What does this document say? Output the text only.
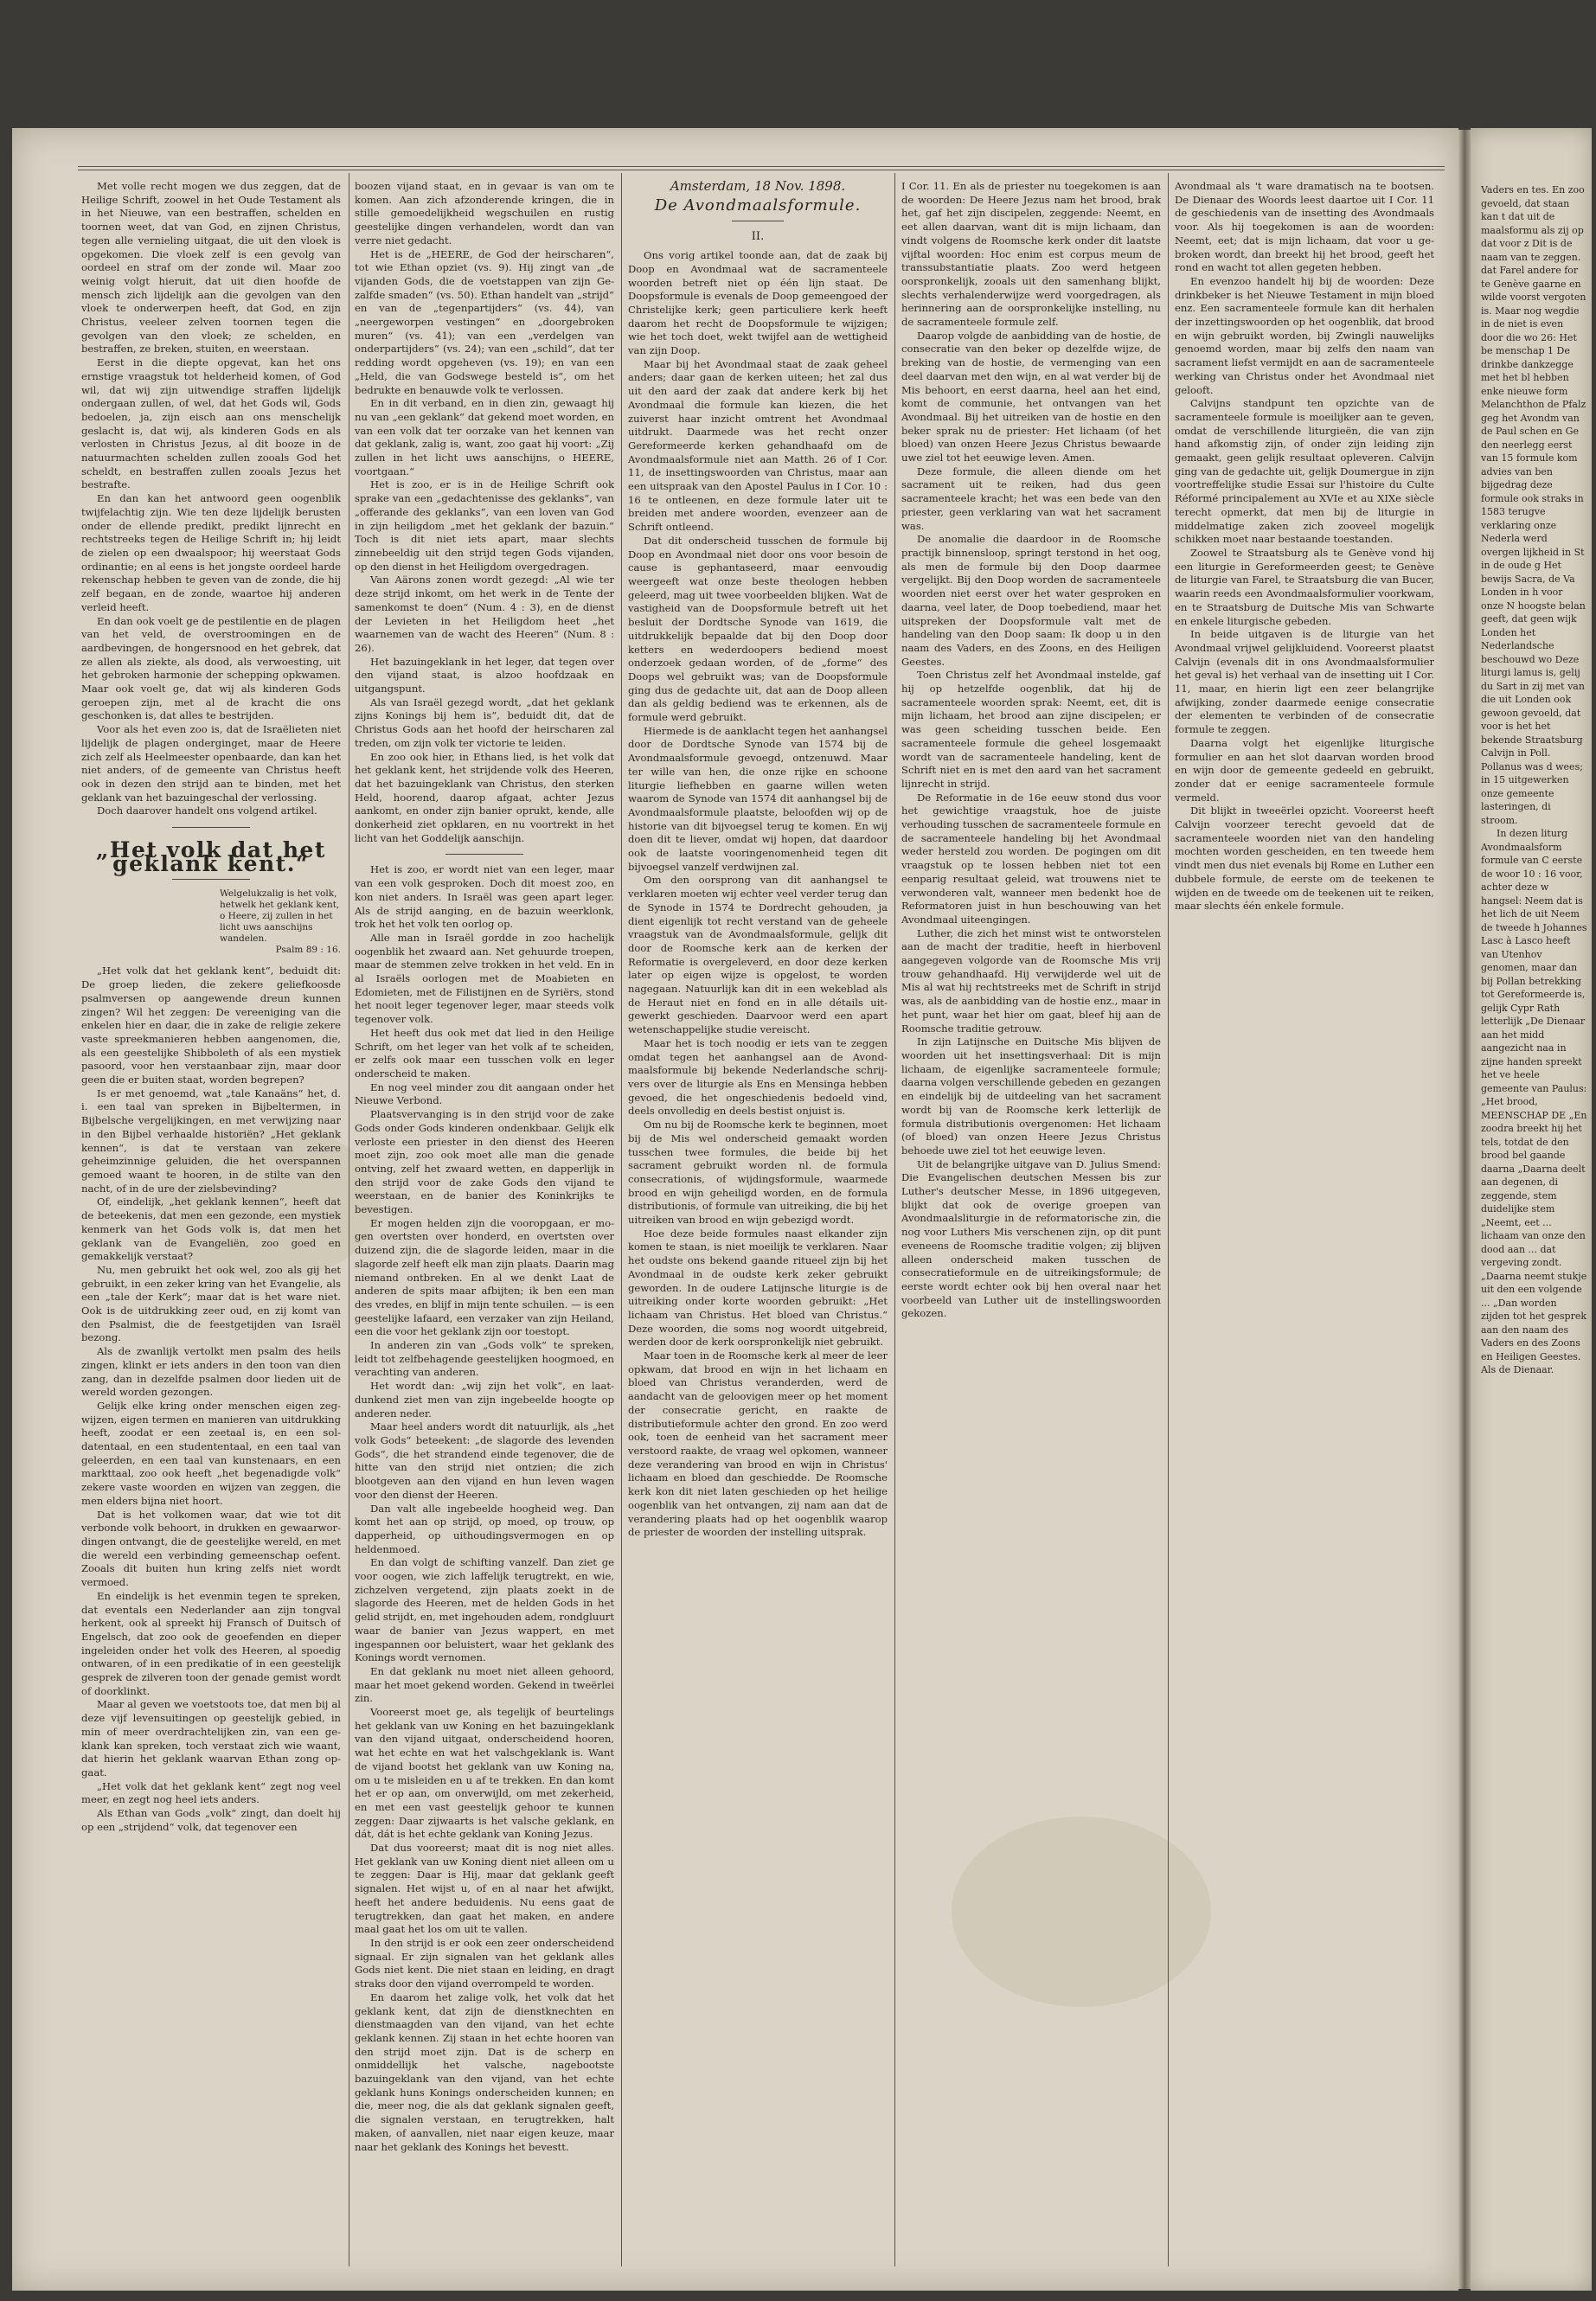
Met volle recht mogen we dus zeggen, dat de Heilige Schrift, zoowel in het Oude Testament als in het Nieuwe, van een bestraffen, schelden en toornen weet, dat van God, en zijnen Christus, tegen alle vernieling uitgaat, die uit den vloek is opgekomen. Die vloek zelf is een gevolg van oordeel en straf om der zonde wil. Maar zoo weinig volgt hieruit, dat uit dien hoofde de mensch zich lijdelijk aan die gevolgen van den vloek te onderwerpen heeft, dat God, en zijn Christus, veeleer zelven toornen tegen die gevolgen van den vloek; ze schelden, en bestraffen, ze breken, stuiten, en weerstaan.

Eerst in die diepte opgevat, kan het ons ernstige vraagstuk tot helderheid komen, of God wil, dat wij zijn uitwendige straffen lijdelijk ondergaan zullen, of wel, dat het Gods wil, Gods bedoelen, ja, zijn eisch aan ons menschelijk geslacht is, dat wij, als kinderen Gods en als verlosten in Christus Jezus, al dit booze in de natuurmachten schelden zullen zooals God het scheldt, en bestraffen zullen zooals Jezus het bestrafte.

En dan kan het antwoord geen oogenblik twijfelachtig zijn. Wie ten deze lijdelijk berusten onder de ellende predikt, predikt lijnrecht en rechtstreeks tegen de Heilige Schrift in; hij leidt de zielen op een dwaalspoor; hij weerstaat Gods ordinantie; en al eens is het jongste oordeel harde rekenschap hebben te geven van de zonde, die hij zelf begaan, en de zonde, waartoe hij anderen verleid heeft.

En dan ook voelt ge de pestilentie en de plagen van het veld, de overstroomingen en de aardbevingen, de hongersnood en het gebrek, dat ze allen als ziekte, als dood, als verwoesting, uit het gebroken harmonie der schepping opkwamen. Maar ook voelt ge, dat wij als kinderen Gods geroepen zijn, met al de kracht die ons geschonken is, dat alles te bestrijden.

Voor als het even zoo is, dat de Israëlieten niet lijdelijk de plagen onderginget, maar de Heere zich zelf als Heelmeester openbaarde, dan kan het niet anders, of de gemeente van Christus heeft ook in dezen den strijd aan te binden, met het geklank van het bazuingeschal der verlossing.

Doch daarover handelt ons volgend artikel.

„Het volk dat het geklank kent.“
Welgelukzalig is het volk, hetwelk het geklank kent, o Heere, zij zullen in het licht uws aanschijns wandelen.
Psalm 89 : 16.

„Het volk dat het geklank kent“, beduidt dit: De groep lieden, die zekere geliefkoosde psalmversen op aangewende dreun kunnen zingen? Wil het zeggen: De vereeniging van die enkelen hier en daar, die in zake de religie zekere vaste spreekmanieren hebben aangenomen, die, als een geestelijke Shibboleth of als een mystiek pasoord, voor hen verstaanbaar zijn, maar door geen die er buiten staat, worden begrepen?

Is er met genoemd, wat „tale Kanaäns“ het, d. i. een taal van spreken in Bijbeltermen, in Bijbelsche vergelijkingen, en met verwijzing naar in den Bijbel verhaalde historiën? „Het geklank kennen“, is dat te verstaan van zekere geheimzinnige geluiden, die het overspannen gemoed waant te hooren, in de stilte van den nacht, of in de ure der zielsbevinding?

Of, eindelijk, „het geklank kennen“, heeft dat de beteekenis, dat men een gezonde, een mystiek kenmerk van het Gods volk is, dat men het geklank van de Evangeliën, zoo goed en gemakkelijk verstaat?

Nu, men gebruikt het ook wel, zoo als gij het gebruikt, in een zeker kring van het Evangelie, als een „tale der Kerk“; maar dat is het ware niet. Ook is de uitdrukking zeer oud, en zij komt van den Psalmist, die de feestgetijden van Israël bezong.

Als de zwanlijk vertolkt men psalm des heils zingen, klinkt er iets anders in den toon van dien zang, dan in dezelfde psalmen door lieden uit de wereld worden gezongen.

Gelijk elke kring onder menschen eigen zegwijzen, eigen termen en manieren van uitdrukking heeft, zoodat er een zeetaal is, en een soldatentaal, en een studententaal, en een taal van geleerden, en een taal van kunstenaars, en een markttaal, zoo ook heeft „het begenadigde volk“ zekere vaste woorden en wijzen van zeggen, die men elders bijna niet hoort.

Dat is het volkomen waar, dat wie tot dit verbonde volk behoort, in drukken en gewaarwordingen ontvangt, die de geestelijke wereld, en met die wereld een verbinding gemeenschap oefent. Zooals dit buiten hun kring zelfs niet wordt vermoed.

En eindelijk is het evenmin tegen te spreken, dat eventals een Nederlander aan zijn tongval herkent, ook al spreekt hij Fransch of Duitsch of Engelsch, dat zoo ook de geoefenden en dieper ingeleiden onder het volk des Heeren, al spoedig ontwaren, of in een predikatie of in een geestelijk gesprek de zilveren toon der genade gemist wordt of doorklinkt.

Maar al geven we voetstoots toe, dat men bij al deze vijf levensuitingen op geestelijk gebied, in min of meer overdrachtelijken zin, van een geklank kan spreken, toch verstaat zich wie waant, dat hierin het geklank waarvan Ethan zong opgaat.

„Het volk dat het geklank kent“ zegt nog veel meer, en zegt nog heel iets anders.

Als Ethan van Gods „volk“ zingt, dan doelt hij op een „strijdend“ volk, dat tegenover een

boozen vijand staat, en in gevaar is van om te komen. Aan zich afzonderende kringen, die in stille gemoedelijkheid wegschuilen en rustig geestelijke dingen verhandelen, wordt dan van verre niet gedacht.

Het is de „HEERE, de God der heirscharen“, tot wie Ethan opziet (vs. 9). Hij zingt van „de vijanden Gods, die de voetstappen van zijn Gezalfde smaden“ (vs. 50). Ethan handelt van „strijd“ en van de „tegenpartijders“ (vs. 44), van „neergeworpen vestingen“ en „doorgebroken muren“ (vs. 41); van een „verdelgen van onderpartijders“ (vs. 24); van een „schild“, dat ter redding wordt opgeheven (vs. 19); en van een „Held, die van Godswege besteld is“, om het bedrukte en benauwde volk te verlossen.

En in dit verband, en in dien zin, gewaagt hij nu van „een geklank“ dat gekend moet worden, en van een volk dat ter oorzake van het kennen van dat geklank, zalig is, want, zoo gaat hij voort: „Zij zullen in het licht uws aanschijns, o HEERE, voortgaan.“

Het is zoo, er is in de Heilige Schrift ook sprake van een „gedachtenisse des geklanks“, van „offerande des geklanks“, van een loven van God in zijn heiligdom „met het geklank der bazuin.“ Toch is dit niet iets apart, maar slechts zinnebeeldig uit den strijd tegen Gods vijanden, op den dienst in het Heiligdom overgedragen.

Van Aärons zonen wordt gezegd: „Al wie ter deze strijd inkomt, om het werk in de Tente der samenkomst te doen“ (Num. 4 : 3), en de dienst der Levieten in het Heiligdom heet „het waarnemen van de wacht des Heeren“ (Num. 8 : 26).

Het bazuingeklank in het leger, dat tegen over den vijand staat, is alzoo hoofdzaak en uitgangspunt.

Als van Israël gezegd wordt, „dat het geklank zijns Konings bij hem is“, beduidt dit, dat de Christus Gods aan het hoofd der heirscharen zal treden, om zijn volk ter victorie te leiden.

En zoo ook hier, in Ethans lied, is het volk dat het geklank kent, het strijdende volk des Heeren, dat het bazuingeklank van Christus, den sterken Held, hoorend, daarop afgaat, achter Jezus aankomt, en onder zijn banier oprukt, kende, alle donkerheid ziet opklaren, en nu voortrekt in het licht van het Goddelijk aanschijn.

Het is zoo, er wordt niet van een leger, maar van een volk gesproken. Doch dit moest zoo, en kon niet anders. In Israël was geen apart leger. Als de strijd aanging, en de bazuin weerklonk, trok het het volk ten oorlog op.

Alle man in Israël gordde in zoo hachelijk oogenblik het zwaard aan. Net gehuurde troepen, maar de stemmen zelve trokken in het veld. En in al Israëls oorlogen met de Moabieten en Edomieten, met de Filistijnen en de Syriërs, stond het nooit leger tegenover leger, maar steeds volk tegenover volk.

Het heeft dus ook met dat lied in den Heilige Schrift, om het leger van het volk af te scheiden, er zelfs ook maar een tusschen volk en leger onderscheid te maken.

En nog veel minder zou dit aangaan onder het Nieuwe Verbond.

Plaatsvervanging is in den strijd voor de zake Gods onder Gods kinderen ondenkbaar. Gelijk elk verloste een priester in den dienst des Heeren moet zijn, zoo ook moet alle man die genade ontving, zelf het zwaard wetten, en dapperlijk in den strijd voor de zake Gods den vijand te weerstaan, en de banier des Koninkrijks te bevestigen.

Er mogen helden zijn die vooropgaan, er mogen overtsten over honderd, en overtsten over duizend zijn, die de slagorde leiden, maar in die slagorde zelf heeft elk man zijn plaats. Daarin mag niemand ontbreken. En al we denkt Laat de anderen de spits maar afbijten; ik ben een man des vredes, en blijf in mijn tente schuilen. — is een geestelijke lafaard, een verzaker van zijn Heiland, een die voor het geklank zijn oor toestopt.

In anderen zin van „Gods volk“ te spreken, leidt tot zelfbehagende geestelijken hoogmoed, en verachting van anderen.

Het wordt dan: „wij zijn het volk“, en laatdunkend ziet men van zijn ingebeelde hoogte op anderen neder.

Maar heel anders wordt dit natuurlijk, als „het volk Gods“ beteekent: „de slagorde des levenden Gods“, die het strandend einde tegenover, die de hitte van den strijd niet ontzien; die zich blootgeven aan den vijand en hun leven wagen voor den dienst der Heeren.

Dan valt alle ingebeelde hoogheid weg. Dan komt het aan op strijd, op moed, op trouw, op dapperheid, op uithoudingsvermogen en op heldenmoed.

En dan volgt de schifting vanzelf. Dan ziet ge voor oogen, wie zich laffelijk terugtrekt, en wie, zichzelven vergetend, zijn plaats zoekt in de slagorde des Heeren, met de helden Gods in het gelid strijdt, en, met ingehouden adem, rondgluurt waar de banier van Jezus wappert, en met ingespannen oor beluistert, waar het geklank des Konings wordt vernomen.

En dat geklank nu moet niet alleen gehoord, maar het moet gekend worden. Gekend in tweërlei zin.

Vooreerst moet ge, als tegelijk of beurtelings het geklank van uw Koning en het bazuingeklank van den vijand uitgaat, onderscheidend hooren, wat het echte en wat het valschgeklank is. Want de vijand bootst het geklank van uw Koning na, om u te misleiden en u af te trekken. En dan komt het er op aan, om onverwijld, om met zekerheid, en met een vast geestelijk gehoor te kunnen zeggen: Daar zijwaarts is het valsche geklank, en dát, dát is het echte geklank van Koning Jezus.

Dat dus vooreerst; maat dit is nog niet alles. Het geklank van uw Koning dient niet alleen om u te zeggen: Daar is Hij, maar dat geklank geeft signalen. Het wijst u, of en al naar het afwijkt, heeft het andere beduidenis. Nu eens gaat de terugtrekken, dan gaat het maken, en andere maal gaat het los om uit te vallen.

In den strijd is er ook een zeer onderscheidend signaal. Er zijn signalen van het geklank alles Gods niet kent. Die niet staan en leiding, en dragt straks door den vijand overrompeld te worden.

En daarom het zalige volk, het volk dat het geklank kent, dat zijn de dienstknechten en dienstmaagden van den vijand, van het echte geklank kennen. Zij staan in het echte hooren van den strijd moet zijn. Dat is de scherp en onmiddellijk het valsche, nagebootste bazuingeklank van den vijand, van het echte geklank huns Konings onderscheiden kunnen; en die, meer nog, die als dat geklank signalen geeft, die signalen verstaan, en terugtrekken, halt maken, of aanvallen, niet naar eigen keuze, maar naar het geklank des Konings het bevestt.

Amsterdam, 18 Nov. 1898.
De Avondmaalsformule.
II.

Ons vorig artikel toonde aan, dat de zaak bij Doop en Avondmaal wat de sacramenteele woorden betreft niet op één lijn staat. De Doopsformule is evenals de Doop gemeengoed der Christelijke kerk; geen particuliere kerk heeft daarom het recht de Doopsformule te wijzigen; wie het toch doet, wekt twijfel aan de wettigheid van zijn Doop.

Maar bij het Avondmaal staat de zaak geheel anders; daar gaan de kerken uiteen; het zal dus uit den aard der zaak dat andere kerk bij het Avondmaal die formule kan kiezen, die het zuiverst haar inzicht omtrent het Avondmaal uitdrukt. Daarmede was het recht onzer Gereformeerde kerken gehandhaafd om de Avondmaalsformule niet aan Matth. 26 of I Cor. 11, de insettingswoorden van Christus, maar aan een uitspraak van den Apostel Paulus in I Cor. 10 : 16 te ontleenen, en deze formule later uit te breiden met andere woorden, evenzeer aan de Schrift ontleend.

Dat dit onderscheid tusschen de formule bij Doop en Avondmaal niet door ons voor besoin de cause is gephantaseerd, maar eenvoudig weergeeft wat onze beste theologen hebben geleerd, mag uit twee voorbeelden blijken. Wat de vastigheid van de Doopsformule betreft uit het besluit der Dordtsche Synode van 1619, die uitdrukkelijk bepaalde dat bij den Doop door ketters en wederdoopers bediend moest onderzoek gedaan worden, of de „forme“ des Doops wel gebruikt was; van de Doopsformule ging dus de gedachte uit, dat aan de Doop alleen dan als geldig bediend was te erkennen, als de formule werd gebruikt.

Hiermede is de aanklacht tegen het aanhangsel door de Dordtsche Synode van 1574 bij de Avondmaalsformule gevoegd, ontzenuwd. Maar ter wille van hen, die onze rijke en schoone liturgie liefhebben en gaarne willen weten waarom de Synode van 1574 dit aanhangsel bij de Avondmaalsformule plaatste, beloofden wij op de historie van dit bijvoegsel terug te komen. En wij doen dit te liever, omdat wij hopen, dat daardoor ook de laatste vooringenomenheid tegen dit bijvoegsel vanzelf verdwijnen zal.

Om den oorsprong van dit aanhangsel te verklaren moeten wij echter veel verder terug dan de Synode in 1574 te Dordrecht gehouden, ja dient eigenlijk tot recht verstand van de geheele vraagstuk van de Avondmaalsformule, gelijk dit door de Roomsche kerk aan de kerken der Reformatie is overgeleverd, en door deze kerken later op eigen wijze is opgelost, te worden nagegaan. Natuurlijk kan dit in een wekeblad als de Heraut niet en fond en in alle détails uitgewerkt geschieden. Daarvoor werd een apart wetenschappelijke studie vereischt.

Maar het is toch noodig er iets van te zeggen omdat tegen het aanhangsel aan de Avondmaalsformule bij bekende Nederlandsche schrijvers over de liturgie als Ens en Mensinga hebben gevoed, die het ongeschiedenis bedoeld vind, deels onvolledig en deels bestist onjuist is.

Om nu bij de Roomsche kerk te beginnen, moet bij de Mis wel onderscheid gemaakt worden tusschen twee formules, die beide bij het sacrament gebruikt worden nl. de formula consecrationis, of wijdingsformule, waarmede brood en wijn geheiligd worden, en de formula distributionis, of formule van uitreiking, die bij het uitreiken van brood en wijn gebezigd wordt.

Hoe deze beide formules naast elkander zijn komen te staan, is niet moeilijk te verklaren. Naar het oudste ons bekend gaande ritueel zijn bij het Avondmaal in de oudste kerk zeker gebruikt geworden. In de oudere Latijnsche liturgie is de uitreiking onder korte woorden gebruikt: „Het lichaam van Christus. Het bloed van Christus.“ Deze woorden, die soms nog woordt uitgebreid, werden door de kerk oorspronkelijk niet gebruikt.

Maar toen in de Roomsche kerk al meer de leer opkwam, dat brood en wijn in het lichaam en bloed van Christus veranderden, werd de aandacht van de geloovigen meer op het moment der consecratie gericht, en raakte de distributieformule achter den grond. En zoo werd ook, toen de eenheid van het sacrament meer verstoord raakte, de vraag wel opkomen, wanneer deze verandering van brood en wijn in Christus' lichaam en bloed dan geschiedde. De Roomsche kerk kon dit niet laten geschieden op het heilige oogenblik van het ontvangen, zij nam aan dat de verandering plaats had op het oogenblik waarop de priester de woorden der instelling uitsprak.

I Cor. 11. En als de priester nu toegekomen is aan de woorden: De Heere Jezus nam het brood, brak het, gaf het zijn discipelen, zeggende: Neemt, en eet allen daarvan, want dit is mijn lichaam, dan vindt volgens de Roomsche kerk onder dit laatste vijftal woorden: Hoc enim est corpus meum de transsubstantiatie plaats. Zoo werd hetgeen oorspronkelijk, zooals uit den samenhang blijkt, slechts verhalenderwijze werd voorgedragen, als herinnering aan de oorspronkelijke instelling, nu de sacramenteele formule zelf.

Daarop volgde de aanbidding van de hostie, de consecratie van den beker op dezelfde wijze, de breking van de hostie, de vermenging van een deel daarvan met den wijn, en al wat verder bij de Mis behoort, en eerst daarna, heel aan het eind, komt de communie, het ontvangen van het Avondmaal. Bij het uitreiken van de hostie en den beker sprak nu de priester: Het lichaam (of het bloed) van onzen Heere Jezus Christus bewaarde uwe ziel tot het eeuwige leven. Amen.

Deze formule, die alleen diende om het sacrament uit te reiken, had dus geen sacramenteele kracht; het was een bede van den priester, geen verklaring van wat het sacrament was.

De anomalie die daardoor in de Roomsche practijk binnensloop, springt terstond in het oog, als men de formule bij den Doop daarmee vergelijkt. Bij den Doop worden de sacramenteele woorden niet eerst over het water gesproken en daarna, veel later, de Doop toebediend, maar het uitspreken der Doopsformule valt met de handeling van den Doop saam: Ik doop u in den naam des Vaders, en des Zoons, en des Heiligen Geestes.

Toen Christus zelf het Avondmaal instelde, gaf hij op hetzelfde oogenblik, dat hij de sacramenteele woorden sprak: Neemt, eet, dit is mijn lichaam, het brood aan zijne discipelen; er was geen scheiding tusschen beide. Een sacramenteele formule die geheel losgemaakt wordt van de sacramenteele handeling, kent de Schrift niet en is met den aard van het sacrament lijnrecht in strijd.

De Reformatie in de 16e eeuw stond dus voor het gewichtige vraagstuk, hoe de juiste verhouding tusschen de sacramenteele formule en de sacramenteele handeling bij het Avondmaal weder hersteld zou worden. De pogingen om dit vraagstuk op te lossen hebben niet tot een eenparig resultaat geleid, wat trouwens niet te verwonderen valt, wanneer men bedenkt hoe de Reformatoren juist in hun beschouwing van het Avondmaal uiteengingen.

Luther, die zich het minst wist te ontworstelen aan de macht der traditie, heeft in hierbovenl aangegeven volgorde van de Roomsche Mis vrij trouw gehandhaafd. Hij verwijderde wel uit de Mis al wat hij rechtstreeks met de Schrift in strijd was, als de aanbidding van de hostie enz., maar in het punt, waar het hier om gaat, bleef hij aan de Roomsche traditie getrouw.

In zijn Latijnsche en Duitsche Mis blijven de woorden uit het insettingsverhaal: Dit is mijn lichaam, de eigenlijke sacramenteele formule; daarna volgen verschillende gebeden en gezangen en eindelijk bij de uitdeeling van het sacrament wordt bij van de Roomsche kerk letterlijk de formula distributionis overgenomen: Het lichaam (of bloed) van onzen Heere Jezus Christus behoede uwe ziel tot het eeuwige leven.

Uit de belangrijke uitgave van D. Julius Smend: Die Evangelischen deutschen Messen bis zur Luther's deutscher Messe, in 1896 uitgegeven, blijkt dat ook de overige groepen van Avondmaalsliturgie in de reformatorische zin, die nog voor Luthers Mis verschenen zijn, op dit punt eveneens de Roomsche traditie volgen; zij blijven alleen onderscheid maken tusschen de consecratieformule en de uitreikingsformule; de eerste wordt echter ook bij hen overal naar het voorbeeld van Luther uit de instellingswoorden gekozen.

Avondmaal als 't ware dramatisch na te bootsen. De Dienaar des Woords leest daartoe uit I Cor. 11 de geschiedenis van de insetting des Avondmaals voor. Als hij toegekomen is aan de woorden: Neemt, eet; dat is mijn lichaam, dat voor u gebroken wordt, dan breekt hij het brood, geeft het rond en wacht tot allen gegeten hebben.

En evenzoo handelt hij bij de woorden: Deze drinkbeker is het Nieuwe Testament in mijn bloed enz. Een sacramenteele formule kan dit herhalen der inzettingswoorden op het oogenblik, dat brood en wijn gebruikt worden, bij Zwingli nauwelijks genoemd worden, maar bij zelfs den naam van sacrament liefst vermijdt en aan de sacramenteele werking van Christus onder het Avondmaal niet gelooft.

Calvijns standpunt ten opzichte van de sacramenteele formule is moeilijker aan te geven, omdat de verschillende liturgieën, die van zijn hand afkomstig zijn, of onder zijn leiding zijn gemaakt, geen gelijk resultaat opleveren. Calvijn ging van de gedachte uit, gelijk Doumergue in zijn voortreffelijke studie Essai sur l'histoire du Culte Réformé principalement au XVIe et au XIXe siècle terecht opmerkt, dat men bij de liturgie in middelmatige zaken zich zooveel mogelijk schikken moet naar bestaande toestanden.

Zoowel te Straatsburg als te Genève vond hij een liturgie in Gereformeerden geest; te Genève de liturgie van Farel, te Straatsburg die van Bucer, waarin reeds een Avondmaalsformulier voorkwam, en te Straatsburg de Duitsche Mis van Schwarte en enkele liturgische gebeden.

In beide uitgaven is de liturgie van het Avondmaal vrijwel gelijkluidend. Vooreerst plaatst Calvijn (evenals dit in ons Avondmaalsformulier het geval is) het verhaal van de insetting uit I Cor. 11, maar, en hierin ligt een zeer belangrijke afwijking, zonder daarmede eenige consecratie der elementen te verbinden of de consecratie formule te zeggen.

Daarna volgt het eigenlijke liturgische formulier en aan het slot daarvan worden brood en wijn door de gemeente gedeeld en gebruikt, zonder dat er eenige sacramenteele formule vermeld.

Dit blijkt in tweeërlei opzicht. Vooreerst heeft Calvijn voorzeer terecht gevoeld dat de sacramenteele woorden niet van den handeling mochten worden gescheiden, en ten tweede hem vindt men dus niet evenals bij Rome en Luther een dubbele formule, de eerste om de teekenen te wijden en de tweede om de teekenen uit te reiken, maar slechts één enkele formule.

Vaders en tes. En zoo gevoeld, dat staan kan t dat uit de maalsformu als zij op dat voor z Dit is de naam van te zeggen. dat Farel andere for te Genève gaarne en wilde voorst vergoten is. Maar nog wegdie in de niet is even door die wo 26: Het be menschap 1 De drinkbe dankzegge met het bl hebben enke nieuwe form Melanchthon de Pfalz geg het Avondm van de Paul schen en Ge den neerlegg eerst van 15 formule kom advies van ben bijgedrag deze formule ook straks in 1583 terugve verklaring onze Nederla werd overgen lijkheid in St in de oude g Het bewijs Sacra, de Va Londen in h voor onze N hoogste belan geeft, dat geen wijk Londen het Nederlandsche beschouwd wo Deze liturgi lamus is, gelij du Sart in zij met van die uit Londen ook gewoon gevoeld, dat voor is het het bekende Straatsburg Calvijn in Poll. Pollanus was d wees; in 15 uitgewerken onze gemeente lasteringen, di stroom.

In dezen liturg Avondmaalsform formule van C eerste de woor 10 : 16 voor, achter deze w hangsel: Neem dat is het lich de uit Neem de tweede h Johannes Lasc à Lasco heeft van Utenhov genomen, maar dan bij Pollan betrekking tot Gereformeerde is, gelijk Cypr Rath letterlijk „De Dienaar aan het midd aangezicht naa in zijne handen spreekt het ve heele gemeente van Paulus: „Het brood, MEENSCHAP DE „En zoodra breekt hij het tels, totdat de den brood bel gaande daarna „Daarna deelt aan degenen, di zeggende, stem duidelijke stem „Neemt, eet ... lichaam van onze den dood aan ... dat vergeving zondt. „Daarna neemt stukje uit den een volgende ... „Dan worden zijden tot het gesprek aan den naam des Vaders en des Zoons en Heiligen Geestes. Als de Dienaar.
